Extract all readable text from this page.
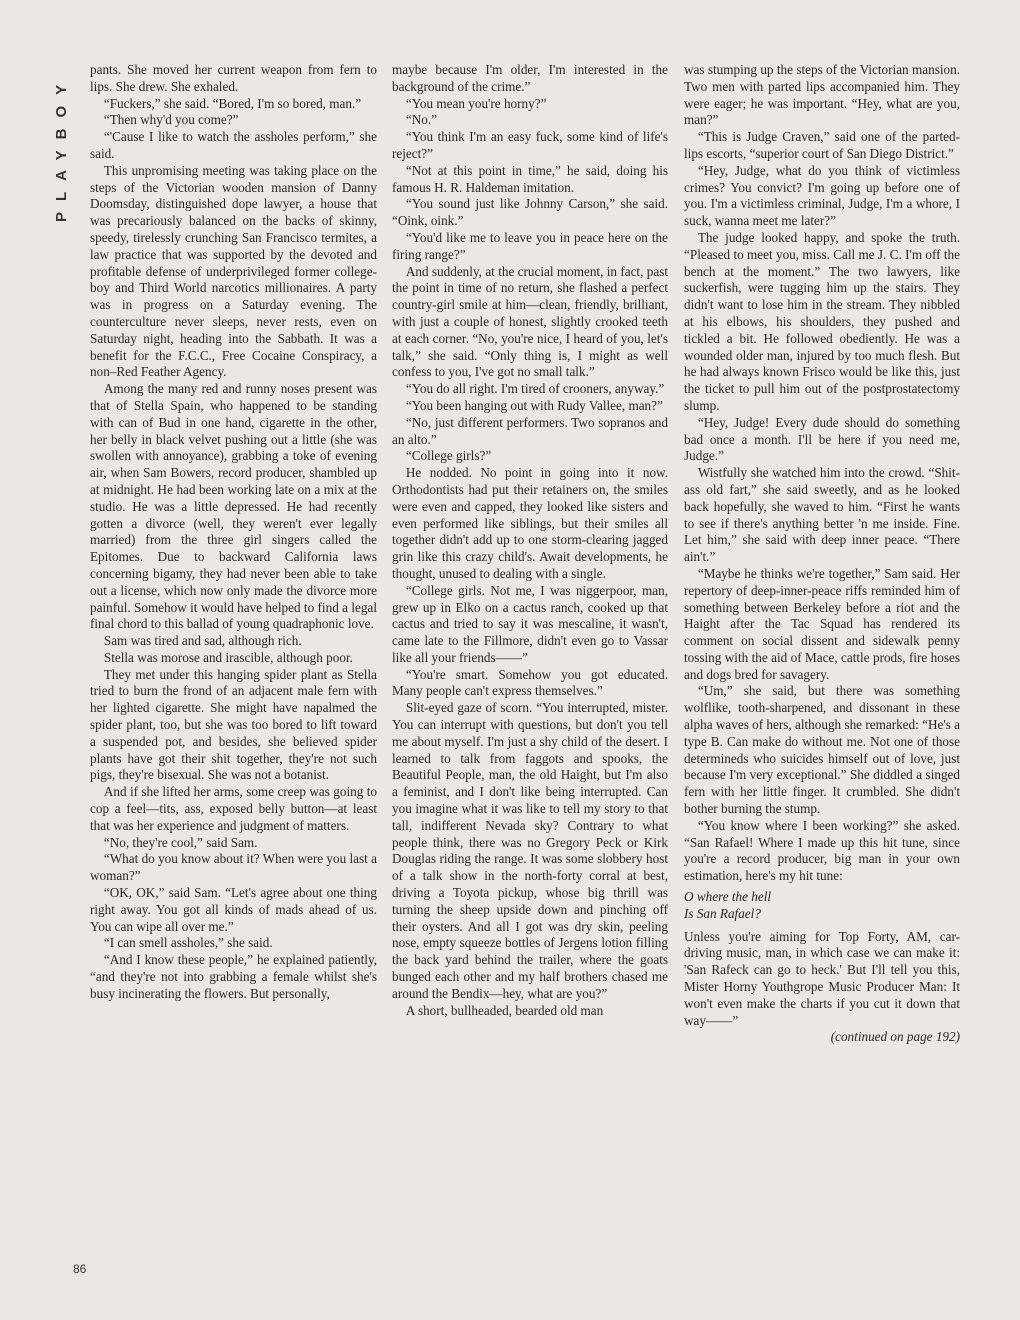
PLAYBOY
86

pants. She moved her current weapon from fern to lips. She drew. She exhaled.

“Fuckers,” she said. “Bored, I'm so bored, man.”

“Then why'd you come?”

“'Cause I like to watch the assholes perform,” she said.

This unpromising meeting was taking place on the steps of the Victorian wooden mansion of Danny Doomsday, distinguished dope lawyer, a house that was precariously balanced on the backs of skinny, speedy, tirelessly crunching San Francisco termites, a law practice that was supported by the devoted and profitable defense of underprivileged former college-boy and Third World narcotics millionaires. A party was in progress on a Saturday evening. The counterculture never sleeps, never rests, even on Saturday night, heading into the Sabbath. It was a benefit for the F.C.C., Free Cocaine Conspiracy, a non–Red Feather Agency.

Among the many red and runny noses present was that of Stella Spain, who happened to be standing with can of Bud in one hand, cigarette in the other, her belly in black velvet pushing out a little (she was swollen with annoyance), grabbing a toke of evening air, when Sam Bowers, record producer, shambled up at midnight. He had been working late on a mix at the studio. He was a little depressed. He had recently gotten a divorce (well, they weren't ever legally married) from the three girl singers called the Epitomes. Due to backward California laws concerning bigamy, they had never been able to take out a license, which now only made the divorce more painful. Somehow it would have helped to find a legal final chord to this ballad of young quadraphonic love.

Sam was tired and sad, although rich.

Stella was morose and irascible, although poor.

They met under this hanging spider plant as Stella tried to burn the frond of an adjacent male fern with her lighted cigarette. She might have napalmed the spider plant, too, but she was too bored to lift toward a suspended pot, and besides, she believed spider plants have got their shit together, they're not such pigs, they're bisexual. She was not a botanist.

And if she lifted her arms, some creep was going to cop a feel—tits, ass, exposed belly button—at least that was her experience and judgment of matters.

“No, they're cool,” said Sam.

“What do you know about it? When were you last a woman?”

“OK, OK,” said Sam. “Let's agree about one thing right away. You got all kinds of mads ahead of us. You can wipe all over me.”

“I can smell assholes,” she said.

“And I know these people,” he explained patiently, “and they're not into grabbing a female whilst she's busy incinerating the flowers. But personally,

maybe because I'm older, I'm interested in the background of the crime.”

“You mean you're horny?”

“No.”

“You think I'm an easy fuck, some kind of life's reject?”

“Not at this point in time,” he said, doing his famous H. R. Haldeman imitation.

“You sound just like Johnny Carson,” she said. “Oink, oink.”

“You'd like me to leave you in peace here on the firing range?”

And suddenly, at the crucial moment, in fact, past the point in time of no return, she flashed a perfect country-girl smile at him—clean, friendly, brilliant, with just a couple of honest, slightly crooked teeth at each corner. “No, you're nice, I heard of you, let's talk,” she said. “Only thing is, I might as well confess to you, I've got no small talk.”

“You do all right. I'm tired of crooners, anyway.”

“You been hanging out with Rudy Vallee, man?”

“No, just different performers. Two sopranos and an alto.”

“College girls?”

He nodded. No point in going into it now. Orthodontists had put their retainers on, the smiles were even and capped, they looked like sisters and even performed like siblings, but their smiles all together didn't add up to one storm-clearing jagged grin like this crazy child's. Await developments, he thought, unused to dealing with a single.

“College girls. Not me, I was niggerpoor, man, grew up in Elko on a cactus ranch, cooked up that cactus and tried to say it was mescaline, it wasn't, came late to the Fillmore, didn't even go to Vassar like all your friends——”

“You're smart. Somehow you got educated. Many people can't express themselves.”

Slit-eyed gaze of scorn. “You interrupted, mister. You can interrupt with questions, but don't you tell me about myself. I'm just a shy child of the desert. I learned to talk from faggots and spooks, the Beautiful People, man, the old Haight, but I'm also a feminist, and I don't like being interrupted. Can you imagine what it was like to tell my story to that tall, indifferent Nevada sky? Contrary to what people think, there was no Gregory Peck or Kirk Douglas riding the range. It was some slobbery host of a talk show in the north-forty corral at best, driving a Toyota pickup, whose big thrill was turning the sheep upside down and pinching off their oysters. And all I got was dry skin, peeling nose, empty squeeze bottles of Jergens lotion filling the back yard behind the trailer, where the goats bunged each other and my half brothers chased me around the Bendix—hey, what are you?”

A short, bullheaded, bearded old man

was stumping up the steps of the Victorian mansion. Two men with parted lips accompanied him. They were eager; he was important. “Hey, what are you, man?”

“This is Judge Craven,” said one of the parted-lips escorts, “superior court of San Diego District.”

“Hey, Judge, what do you think of victimless crimes? You convict? I'm going up before one of you. I'm a victimless criminal, Judge, I'm a whore, I suck, wanna meet me later?”

The judge looked happy, and spoke the truth. “Pleased to meet you, miss. Call me J. C. I'm off the bench at the moment.” The two lawyers, like suckerfish, were tugging him up the stairs. They didn't want to lose him in the stream. They nibbled at his elbows, his shoulders, they pushed and tickled a bit. He followed obediently. He was a wounded older man, injured by too much flesh. But he had always known Frisco would be like this, just the ticket to pull him out of the postprostatectomy slump.

“Hey, Judge! Every dude should do something bad once a month. I'll be here if you need me, Judge.”

Wistfully she watched him into the crowd. “Shit-ass old fart,” she said sweetly, and as he looked back hopefully, she waved to him. “First he wants to see if there's anything better 'n me inside. Fine. Let him,” she said with deep inner peace. “There ain't.”

“Maybe he thinks we're together,” Sam said. Her repertory of deep-inner-peace riffs reminded him of something between Berkeley before a riot and the Haight after the Tac Squad has rendered its comment on social dissent and sidewalk penny tossing with the aid of Mace, cattle prods, fire hoses and dogs bred for savagery.

“Um,” she said, but there was something wolflike, tooth-sharpened, and dissonant in these alpha waves of hers, although she remarked: “He's a type B. Can make do without me. Not one of those determineds who suicides himself out of love, just because I'm very exceptional.” She diddled a singed fern with her little finger. It crumbled. She didn't bother burning the stump.

“You know where I been working?” she asked. “San Rafael! Where I made up this hit tune, since you're a record producer, big man in your own estimation, here's my hit tune:

O where the hell
Is San Rafael?

Unless you're aiming for Top Forty, AM, car-driving music, man, in which case we can make it: 'San Rafeck can go to heck.' But I'll tell you this, Mister Horny Youthgrope Music Producer Man: It won't even make the charts if you cut it down that way——”

(continued on page 192)
